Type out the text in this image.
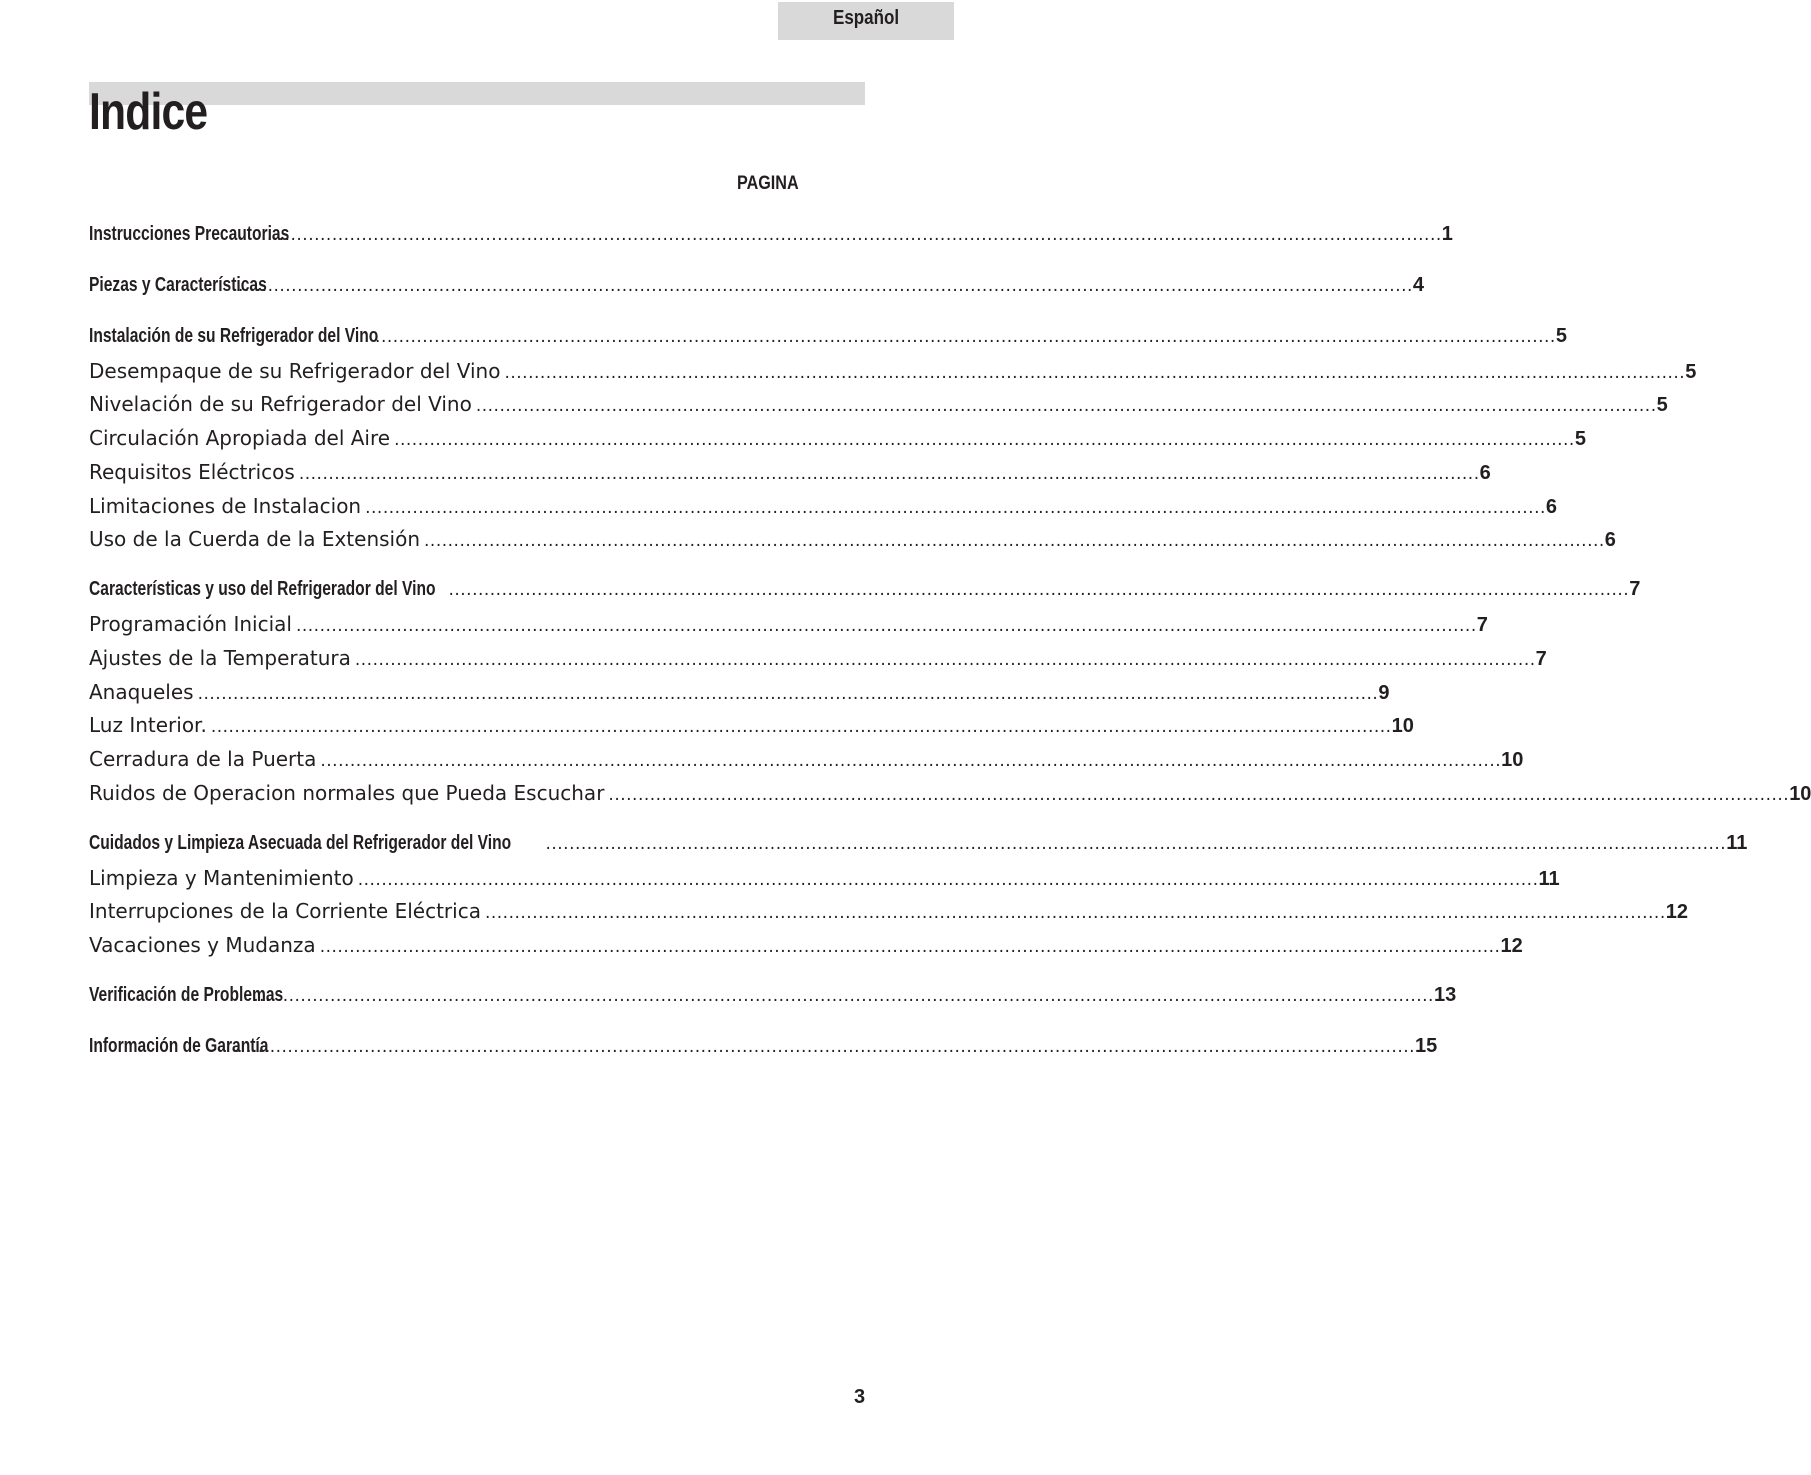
Español
Indice
PAGINA
Instrucciones Precautorias
........................................................................................................................................................................................................ 1
Piezas y Características
........................................................................................................................................................................................................ 4
Instalación de su Refrigerador del Vino
........................................................................................................................................................................................................ 5
Desempaque de su Refrigerador del Vino ........................................................................................................................................................................................................ 5
Nivelación de su Refrigerador del Vino ........................................................................................................................................................................................................ 5
Circulación Apropiada del Aire ........................................................................................................................................................................................................ 5
Requisitos Eléctricos ........................................................................................................................................................................................................ 6
Limitaciones de Instalacion ........................................................................................................................................................................................................ 6
Uso de la Cuerda de la Extensión ........................................................................................................................................................................................................ 6
Características y uso del Refrigerador del Vino ........................................................................................................................................................................................................ 7
Programación Inicial ........................................................................................................................................................................................................ 7
Ajustes de la Temperatura ........................................................................................................................................................................................................ 7
Anaqueles ........................................................................................................................................................................................................ 9
Luz Interior. ........................................................................................................................................................................................................ 10
Cerradura de la Puerta ........................................................................................................................................................................................................ 10
Ruidos de Operacion normales que Pueda Escuchar ........................................................................................................................................................................................................ 10
Cuidados y Limpieza Asecuada del Refrigerador del Vino ........................................................................................................................................................................................................ 11
Limpieza y Mantenimiento ........................................................................................................................................................................................................ 11
Interrupciones de la Corriente Eléctrica ........................................................................................................................................................................................................ 12
Vacaciones y Mudanza ........................................................................................................................................................................................................ 12
Verificación de Problemas
........................................................................................................................................................................................................ 13
Información de Garantía
........................................................................................................................................................................................................ 15
3
